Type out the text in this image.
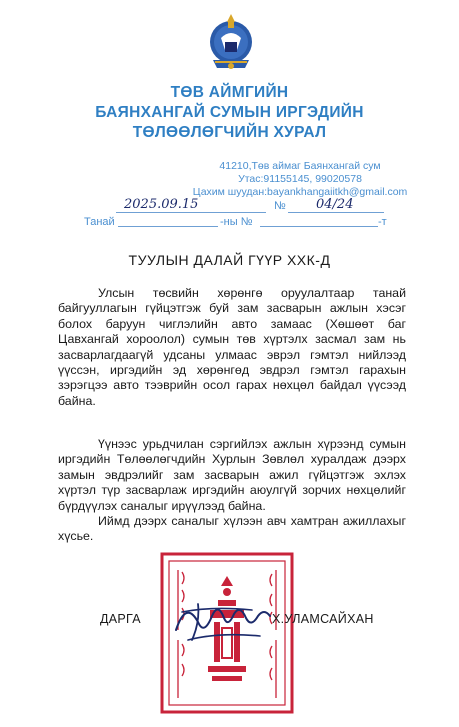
ТӨВ АЙМГИЙН
БАЯНХАНГАЙ СУМЫН ИРГЭДИЙН
ТӨЛӨӨЛӨГЧИЙН ХУРАЛ
41210,Төв аймаг Баянхангай сум
Утас:91155145, 99020578
Цахим шуудан:bayankhangaiitkh@gmail.com
2025.09.15	№ 04/24
Танай	-ны №	-т
ТУУЛЫН ДАЛАЙ ГҮҮР ХХК-Д

Улсын төсвийн хөрөнгө оруулалтаар танай байгууллагын гүйцэтгэж буй зам засварын ажлын хэсэг болох баруун чиглэлийн авто замаас (Хөшөөт баг Цавхангай хороолол) сумын төв хүртэлх засмал зам нь засварлагдаагүй удсаны улмаас эврэл гэмтэл нийлээд үүссэн, иргэдийн эд хөрөнгөд эвдрэл гэмтэл гарахын зэрэгцээ авто тээврийн осол гарах нөхцөл байдал үүсээд байна.

Үүнээс урьдчилан сэргийлэх ажлын хүрээнд сумын иргэдийн Төлөөлөгчдийн Хурлын Зөвлөл хуралдаж дээрх замын эвдрэлийг зам засварын ажил гүйцэтгэж эхлэх хүртэл түр засварлаж иргэдийн аюулгүй зорчих нөхцөлийг бүрдүүлэх саналыг ирүүлээд байна.

Иймд дээрх саналыг хүлээн авч хамтран ажиллахыг хүсье.

ДАРГА	Х.УЛАМСАЙХАН
